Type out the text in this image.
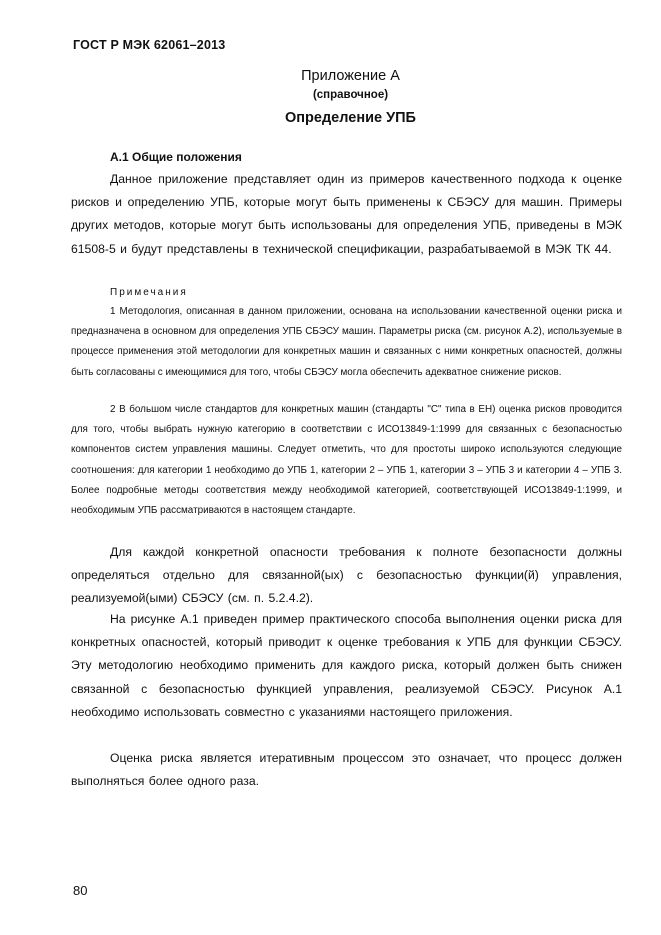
ГОСТ Р МЭК 62061–2013
Приложение А
(справочное)
Определение УПБ
А.1 Общие положения

Данное приложение представляет один из примеров качественного подхода к оценке рисков и определению УПБ, которые могут быть применены к СБЭСУ для машин. Примеры других методов, которые могут быть использованы для определения УПБ, приведены в МЭК 61508-5 и будут представлены в технической спецификации, разрабатываемой в МЭК ТК 44.

Примечания

1 Методология, описанная в данном приложении, основана на использовании качественной оценки риска и предназначена в основном для определения УПБ СБЭСУ машин. Параметры риска (см. рисунок А.2), используемые в процессе применения этой методологии для конкретных машин и связанных с ними конкретных опасностей, должны быть согласованы с имеющимися для того, чтобы СБЭСУ могла обеспечить адекватное снижение рисков.

2 В большом числе стандартов для конкретных машин (стандарты "С" типа в ЕН) оценка рисков проводится для того, чтобы выбрать нужную категорию в соответствии с ИСО13849-1:1999 для связанных с безопасностью компонентов систем управления машины. Следует отметить, что для простоты широко используются следующие соотношения: для категории 1 необходимо до УПБ 1, категории 2 – УПБ 1, категории 3 – УПБ 3 и категории 4 – УПБ 3. Более подробные методы соответствия между необходимой категорией, соответствующей ИСО13849-1:1999, и необходимым УПБ рассматриваются в настоящем стандарте.

Для каждой конкретной опасности требования к полноте безопасности должны определяться отдельно для связанной(ых) с безопасностью функции(й) управления, реализуемой(ыми) СБЭСУ (см. п. 5.2.4.2).

На рисунке А.1 приведен пример практического способа выполнения оценки риска для конкретных опасностей, который приводит к оценке требования к УПБ для функции СБЭСУ. Эту методологию необходимо применить для каждого риска, который должен быть снижен связанной с безопасностью функцией управления, реализуемой СБЭСУ. Рисунок А.1 необходимо использовать совместно с указаниями настоящего приложения.

Оценка риска является итеративным процессом это означает, что процесс должен выполняться более одного раза.

80
